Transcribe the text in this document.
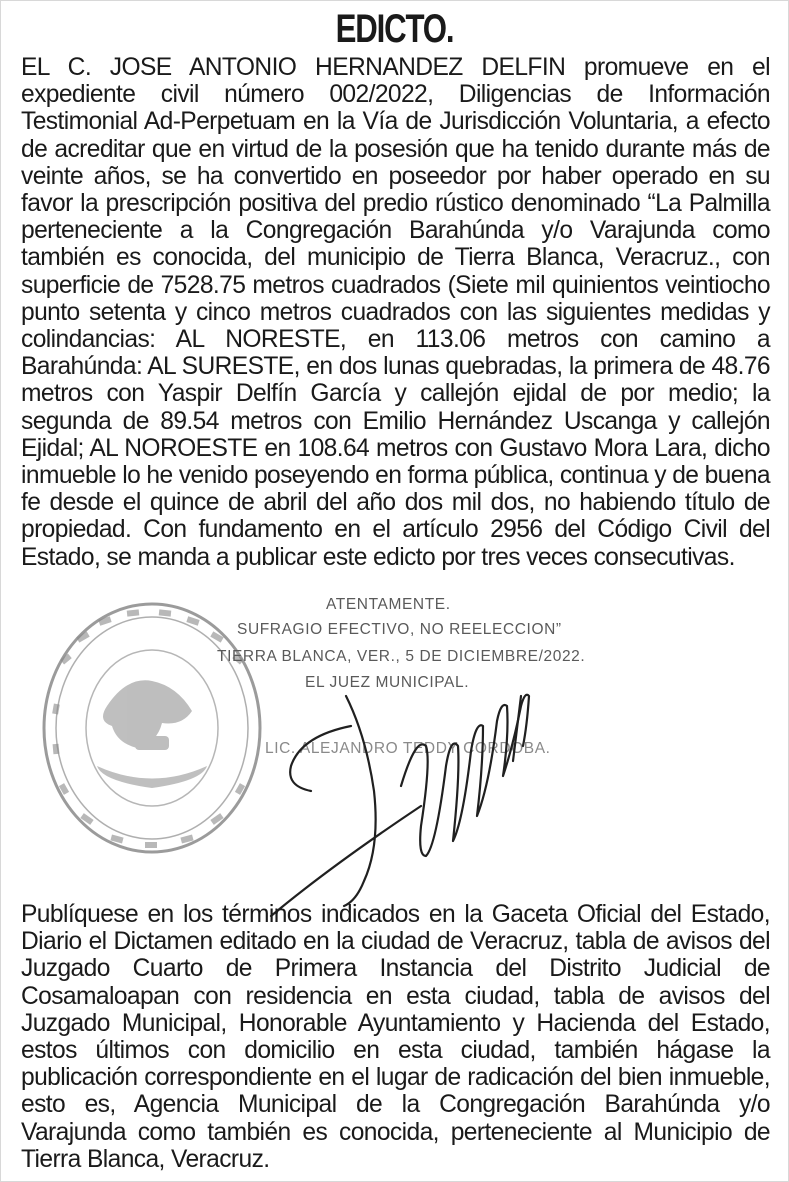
EDICTO.
EL C. JOSE ANTONIO HERNANDEZ DELFIN promueve en el expediente civil número 002/2022, Diligencias de Información Testimonial Ad-Perpetuam en la Vía de Jurisdicción Voluntaria, a efecto de acreditar que en virtud de la posesión que ha tenido durante más de veinte años, se ha convertido en poseedor por haber operado en su favor la prescripción positiva del predio rústico denominado “La Palmilla perteneciente a la Congregación Barahúnda y/o Varajunda como también es conocida, del municipio de Tierra Blanca, Veracruz., con superficie de 7528.75 metros cuadrados (Siete mil quinientos veintiocho punto setenta y cinco metros cuadrados con las siguientes medidas y colindancias: AL NORESTE, en 113.06 metros con camino a Barahúnda: AL SURESTE, en dos lunas quebradas, la primera de 48.76 metros con Yaspir Delfín García y callejón ejidal de por medio; la segunda de 89.54 metros con Emilio Hernández Uscanga y callejón Ejidal; AL NOROESTE en 108.64 metros con Gustavo Mora Lara, dicho inmueble lo he venido poseyendo en forma pública, continua y de buena fe desde el quince de abril del año dos mil dos, no habiendo título de propiedad. Con fundamento en el artículo 2956 del Código Civil del Estado, se manda a publicar este edicto por tres veces consecutivas.
ATENTAMENTE.
SUFRAGIO EFECTIVO, NO REELECCION”
TIERRA BLANCA, VER., 5 DE DICIEMBRE/2022.
EL JUEZ MUNICIPAL.
LIC. ALEJANDRO TEDDY CORDOBA.
Publíquese en los términos indicados en la Gaceta Oficial del Estado, Diario el Dictamen editado en la ciudad de Veracruz, tabla de avisos del Juzgado Cuarto de Primera Instancia del Distrito Judicial de Cosamaloapan con residencia en esta ciudad, tabla de avisos del Juzgado Municipal, Honorable Ayuntamiento y Hacienda del Estado, estos últimos con domicilio en esta ciudad, también hágase la publicación correspondiente en el lugar de radicación del bien inmueble, esto es, Agencia Municipal de la Congregación Barahúnda y/o Varajunda como también es conocida, perteneciente al Municipio de Tierra Blanca, Veracruz.
